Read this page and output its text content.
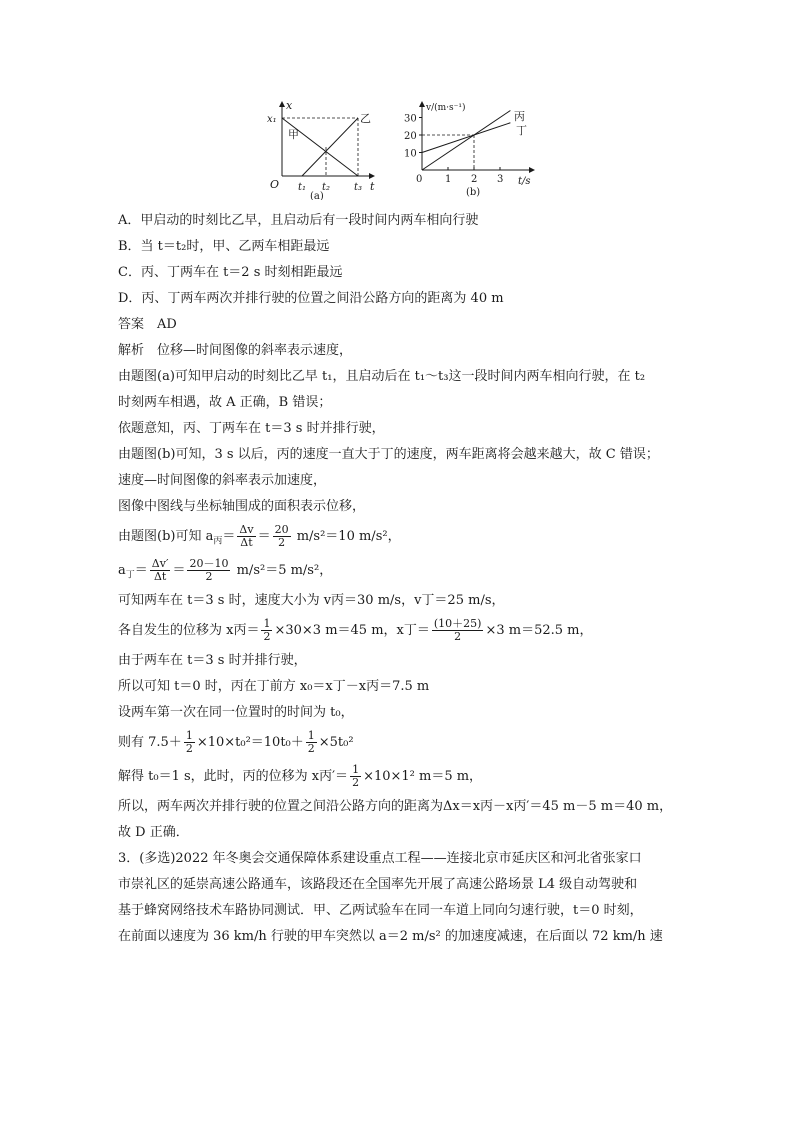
x
t
O
x₁
甲
乙
t₁ t₂ t₃
(a)
10
20
30
1 2 3
v/(m·s⁻¹)
t/s
0
丙
丁
(b)
A．甲启动的时刻比乙早，且启动后有一段时间内两车相向行驶
B．当 t＝t₂时，甲、乙两车相距最远
C．丙、丁两车在 t＝2 s 时刻相距最远
D．丙、丁两车两次并排行驶的位置之间沿公路方向的距离为 40 m
答案　AD
解析　位移—时间图像的斜率表示速度，
由题图(a)可知甲启动的时刻比乙早 t₁，且启动后在 t₁～t₃这一段时间内两车相向行驶，在 t₂
时刻两车相遇，故 A 正确，B 错误；
依题意知，丙、丁两车在 t＝3 s 时并排行驶，
由题图(b)可知，3 s 以后，丙的速度一直大于丁的速度，两车距离将会越来越大，故 C 错误；
速度—时间图像的斜率表示加速度，
图像中图线与坐标轴围成的面积表示位移，
由题图(b)可知 $a_丙= \frac{\Delta v}{\Delta t} = \frac{20}{2} m/s^2=10$ m/s²，
$a_丁= \frac{\Delta v'}{\Delta t} = \frac{20-10}{2} m/s^2=5$ m/s²，
可知两车在 t＝3 s 时，速度大小为 v丙＝30 m/s，v丁＝25 m/s，
各自发生的位移为 x丙＝ $\frac{1}{2} \times 30\times 3$ m＝45 m，x丁＝ $\frac{(10+25)}{2} \times 3$ m＝52.5 m，
由于两车在 t＝3 s 时并排行驶，
所以可知 t＝0 时，丙在丁前方 x₀＝x丁－x丙＝7.5 m
设两车第一次在同一位置时的时间为 t₀，
则有 $7.5+ \frac{1}{2} \times 10\times t_0^2=10t_0+ \frac{1}{2} \times 5t_0^2$
解得 t₀＝1 s，此时，丙的位移为 x丙′＝ $\frac{1}{2} \times 10\times 1^2$ m＝5 m，
所以，两车两次并排行驶的位置之间沿公路方向的距离为Δx＝x丙－x丙′＝45 m－5 m＝40 m，
故 D 正确．
3．(多选)2022 年冬奥会交通保障体系建设重点工程——连接北京市延庆区和河北省张家口
市崇礼区的延崇高速公路通车，该路段还在全国率先开展了高速公路场景 L4 级自动驾驶和
基于蜂窝网络技术车路协同测试．甲、乙两试验车在同一车道上同向匀速行驶，t＝0 时刻，
在前面以速度为 36 km/h 行驶的甲车突然以 a＝2 m/s² 的加速度减速，在后面以 72 km/h 速
